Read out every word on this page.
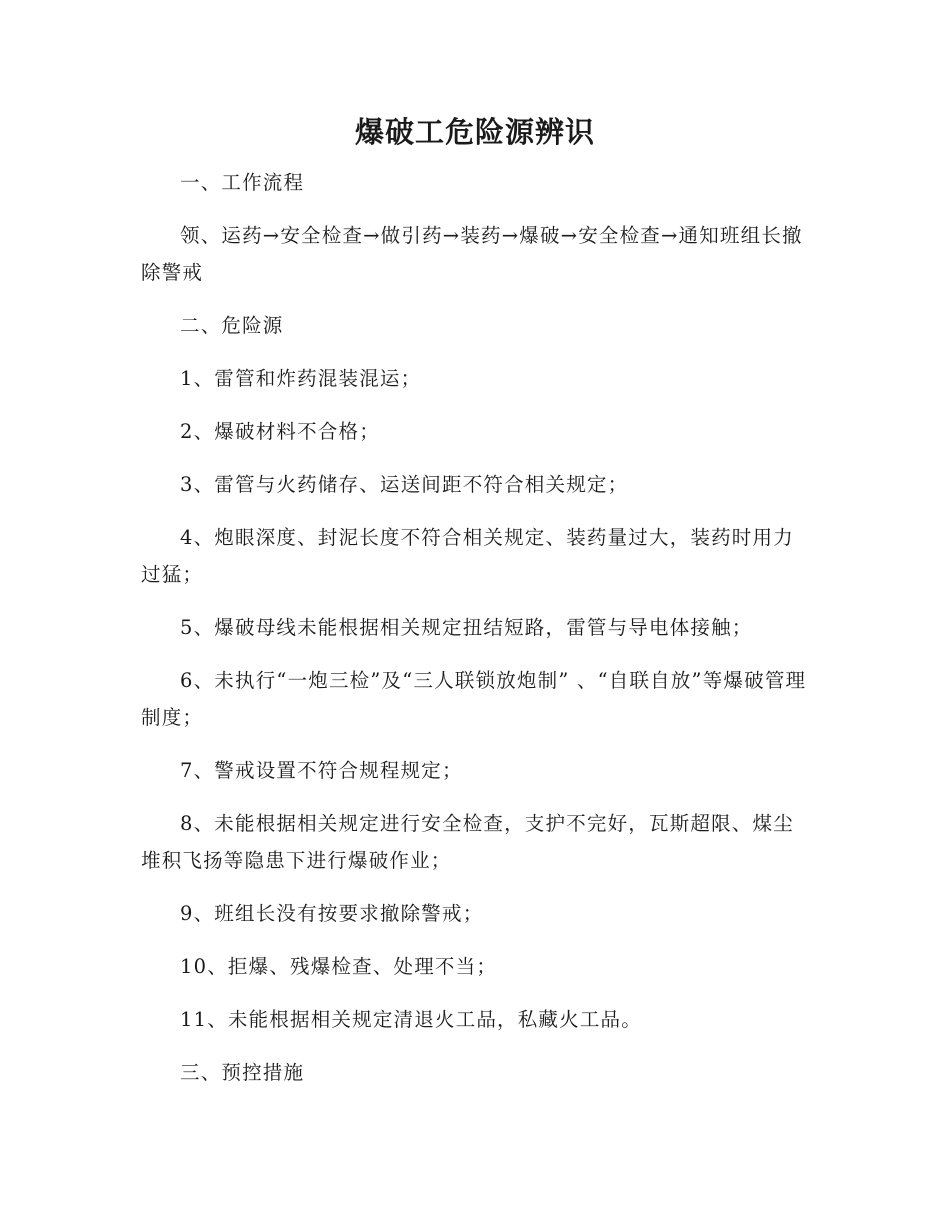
爆破工危险源辨识

一、工作流程

领、运药→安全检查→做引药→装药→爆破→安全检查→通知班组长撤除警戒

二、危险源

1、雷管和炸药混装混运；

2、爆破材料不合格；

3、雷管与火药储存、运送间距不符合相关规定；

4、炮眼深度、封泥长度不符合相关规定、装药量过大，装药时用力过猛；

5、爆破母线未能根据相关规定扭结短路，雷管与导电体接触；

6、未执行“一炮三检”及“三人联锁放炮制” 、“自联自放”等爆破管理制度；

7、警戒设置不符合规程规定；

8、未能根据相关规定进行安全检查，支护不完好，瓦斯超限、煤尘堆积飞扬等隐患下进行爆破作业；

9、班组长没有按要求撤除警戒；

10、拒爆、残爆检查、处理不当；

11、未能根据相关规定清退火工品，私藏火工品。

三、预控措施
